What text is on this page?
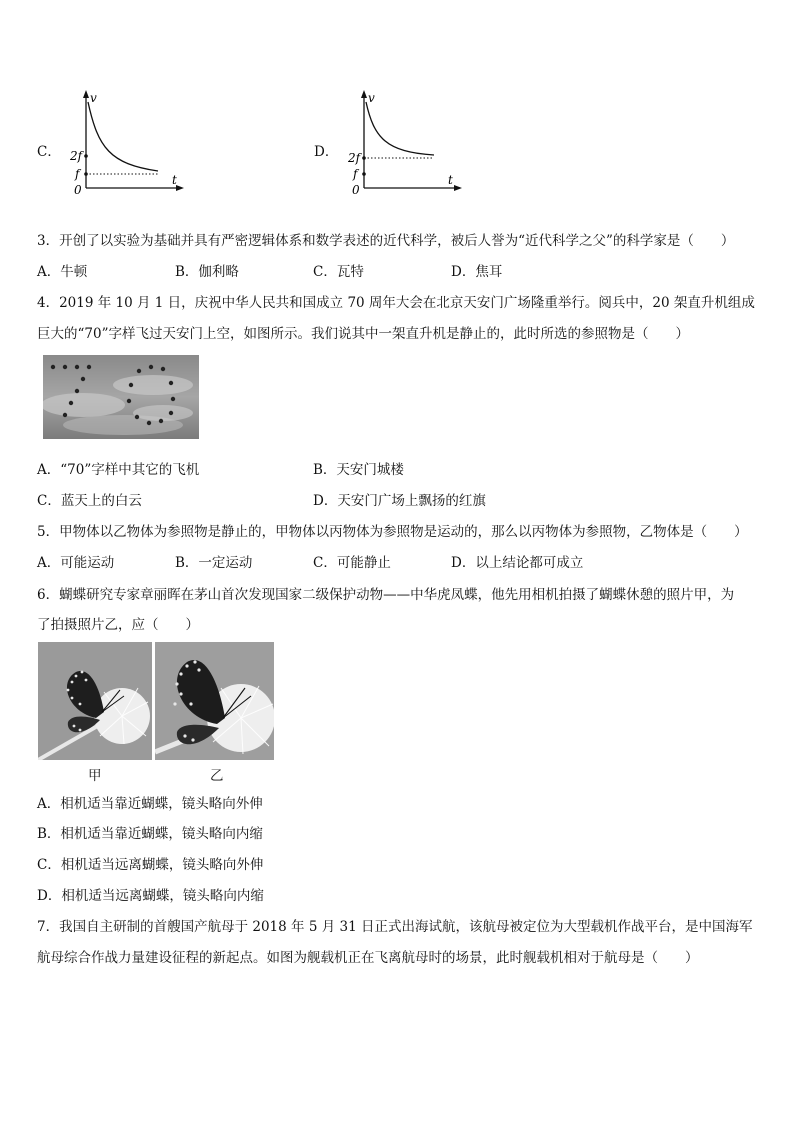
C．
v
t
0
2f
f
D．
v
t
0
2f
f
3．开创了以实验为基础并具有严密逻辑体系和数学表述的近代科学，被后人誉为“近代科学之父”的科学家是（　　）
A．牛顿	B．伽利略	C．瓦特	D．焦耳
4．2019 年 10 月 1 日，庆祝中华人民共和国成立 70 周年大会在北京天安门广场隆重举行。阅兵中，20 架直升机组成
巨大的“70”字样飞过天安门上空，如图所示。我们说其中一架直升机是静止的，此时所选的参照物是（　　）
A．“70”字样中其它的飞机	B．天安门城楼
C．蓝天上的白云	D．天安门广场上飘扬的红旗
5．甲物体以乙物体为参照物是静止的，甲物体以丙物体为参照物是运动的，那么以丙物体为参照物，乙物体是（　　）
A．可能运动	B．一定运动	C．可能静止	D．以上结论都可成立
6．蝴蝶研究专家章丽晖在茅山首次发现国家二级保护动物——中华虎凤蝶，他先用相机拍摄了蝴蝶休憩的照片甲，为
了拍摄照片乙，应（　　）
甲	乙
A．相机适当靠近蝴蝶，镜头略向外伸
B．相机适当靠近蝴蝶，镜头略向内缩
C．相机适当远离蝴蝶，镜头略向外伸
D．相机适当远离蝴蝶，镜头略向内缩
7．我国自主研制的首艘国产航母于 2018 年 5 月 31 日正式出海试航，该航母被定位为大型载机作战平台，是中国海军
航母综合作战力量建设征程的新起点。如图为舰载机正在飞离航母时的场景，此时舰载机相对于航母是（　　）
